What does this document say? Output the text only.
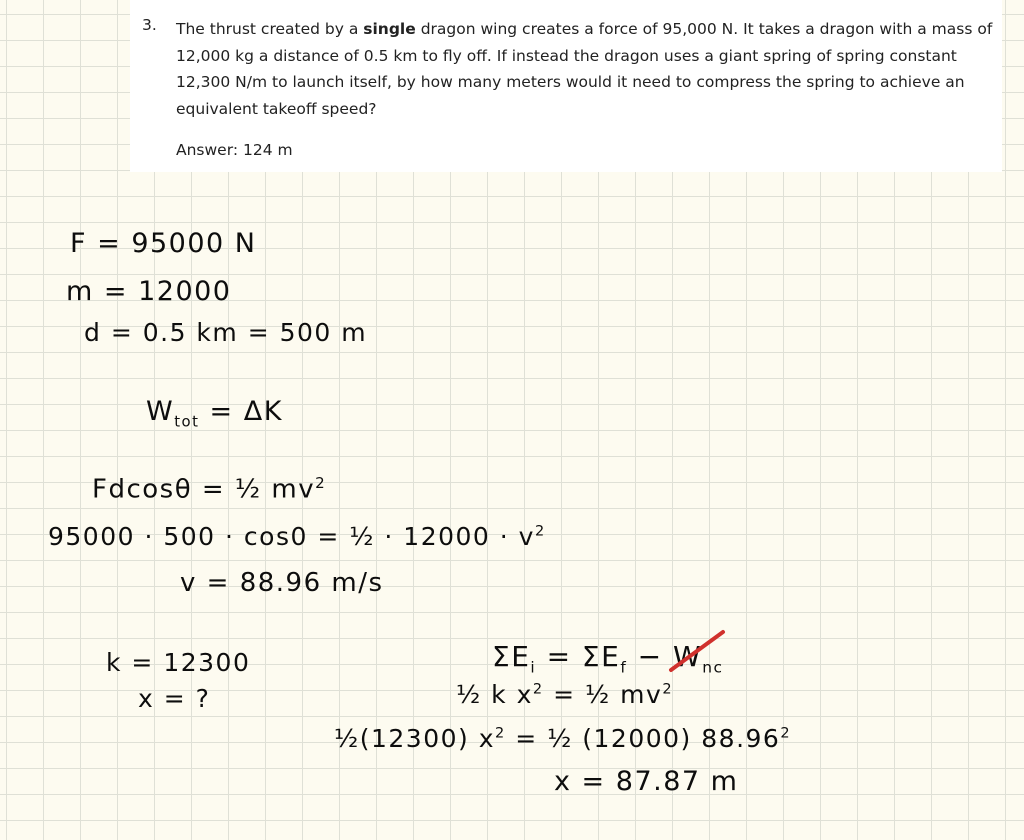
3. The thrust created by a single dragon wing creates a force of 95,000 N. It takes a dragon with a mass of 12,000 kg a distance of 0.5 km to fly off. If instead the dragon uses a giant spring of spring constant 12,300 N/m to launch itself, by how many meters would it need to compress the spring to achieve an equivalent takeoff speed?
Answer: 124 m
F = 95000 N
m = 12000
d = 0.5 km = 500 m
$W_{tot} = \Delta K$
Fdcosθ = ½ $mv^2$
95000 · 500 · cos0 = ½ · $12000 \cdot v^2$
v = 88.96 m/s
k = 12300
x = ?
$\Sigma E_i = \Sigma E_f - W_{nc}$
½ k $x^2$ = ½ $mv^2$
½(12300) $x^2$ = ½ (12000) 88.96$^2$
x = 87.87 m
